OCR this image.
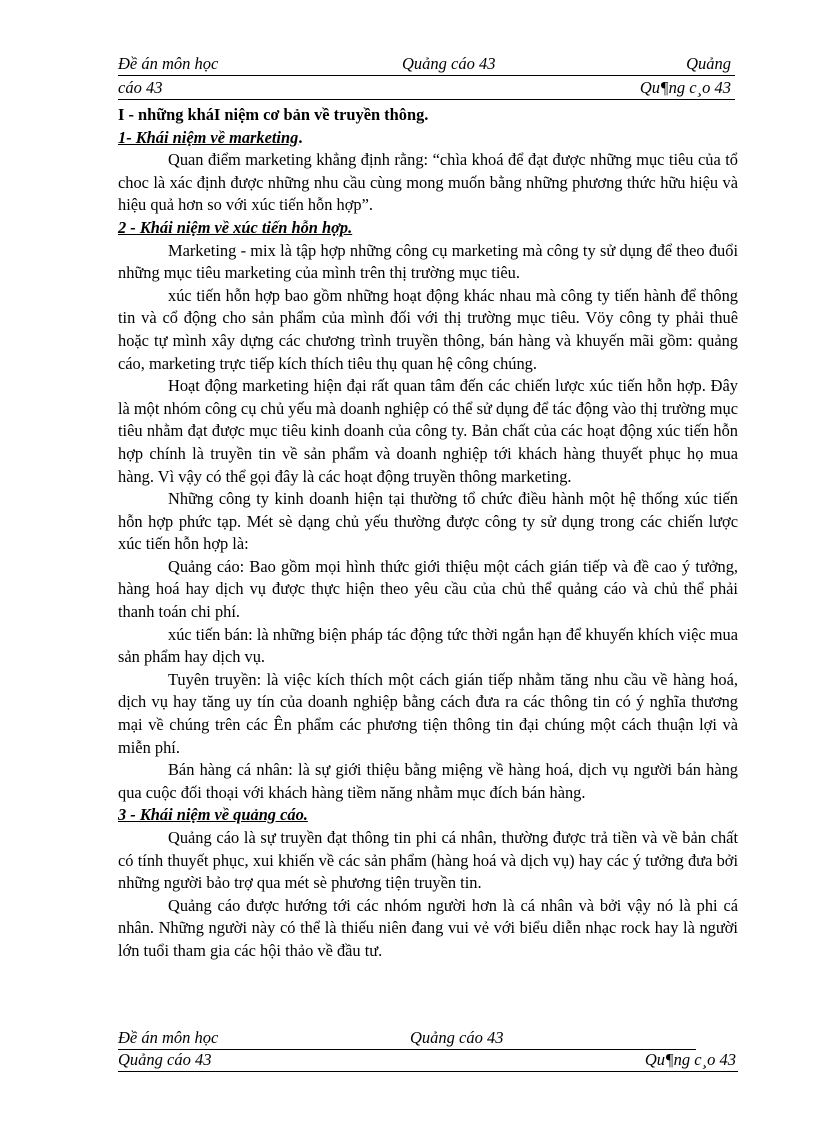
Đề án môn học	Quảng cáo 43	Quảng
cáo 43	Qu¶ng c¸o 43

I - những kháI niệm cơ bản về truyền thông.

1- Khái niệm về marketing.

Quan điểm marketing khẳng định rằng: “chìa khoá để đạt được những mục tiêu của tổ choc là xác định được những nhu cầu cùng mong muốn bằng những phương thức hữu hiệu và hiệu quả hơn so với xúc tiến hỗn hợp”.

2 - Khái niệm về xúc tiến hỗn hợp.

Marketing - mix là tập hợp những công cụ marketing mà công ty sử dụng để theo đuổi những mục tiêu marketing của mình trên thị trường mục tiêu.

xúc tiến hỗn hợp bao gồm những hoạt động khác nhau mà công ty tiến hành để thông tin và cổ động cho sản phẩm của mình đối với thị trường mục tiêu. Vöy công ty phải thuê hoặc tự mình xây dựng các chương trình truyền thông, bán hàng và khuyến mãi gồm: quảng cáo, marketing trực tiếp kích thích tiêu thụ quan hệ công chúng.

Hoạt động marketing hiện đại rất quan tâm đến các chiến lược xúc tiến hỗn hợp. Đây là một nhóm công cụ chủ yếu mà doanh nghiệp có thể sử dụng để tác động vào thị trường mục tiêu nhằm đạt được mục tiêu kinh doanh của công ty. Bản chất của các hoạt động xúc tiến hỗn hợp chính là truyền tin về sản phẩm và doanh nghiệp tới khách hàng thuyết phục họ mua hàng. Vì vậy có thể gọi đây là các hoạt động truyền thông marketing.

Những công ty kinh doanh hiện tại thường tổ chức điều hành một hệ thống xúc tiến hỗn hợp phức tạp. Mét sè dạng chủ yếu thường được công ty sử dụng trong các chiến lược xúc tiến hỗn hợp là:

Quảng cáo: Bao gồm mọi hình thức giới thiệu một cách gián tiếp và đề cao ý tưởng, hàng hoá hay dịch vụ được thực hiện theo yêu cầu của chủ thể quảng cáo và chủ thể phải thanh toán chi phí.

xúc tiến bán: là những biện pháp tác động tức thời ngắn hạn để khuyến khích việc mua sản phẩm hay dịch vụ.

Tuyên truyền: là việc kích thích một cách gián tiếp nhằm tăng nhu cầu về hàng hoá, dịch vụ hay tăng uy tín của doanh nghiệp bằng cách đưa ra các thông tin có ý nghĩa thương mại về chúng trên các Ên phẩm các phương tiện thông tin đại chúng một cách thuận lợi và miễn phí.

Bán hàng cá nhân: là sự giới thiệu bằng miệng về hàng hoá, dịch vụ người bán hàng qua cuộc đối thoại với khách hàng tiềm năng nhằm mục đích bán hàng.

3 - Khái niệm về quảng cáo.

Quảng cáo là sự truyền đạt thông tin phi cá nhân, thường được trả tiền và về bản chất có tính thuyết phục, xui khiến về các sản phẩm (hàng hoá và dịch vụ) hay các ý tưởng đưa bởi những người bảo trợ qua mét sè phương tiện truyền tin.

Quảng cáo được hướng tới các nhóm người hơn là cá nhân và bởi vậy nó là phi cá nhân. Những người này có thể là thiếu niên đang vui vẻ với biểu diễn nhạc rock hay là người lớn tuổi tham gia các hội thảo về đầu tư.

Đề án môn học	Quảng cáo 43
Quảng cáo 43	Qu¶ng c¸o 43
